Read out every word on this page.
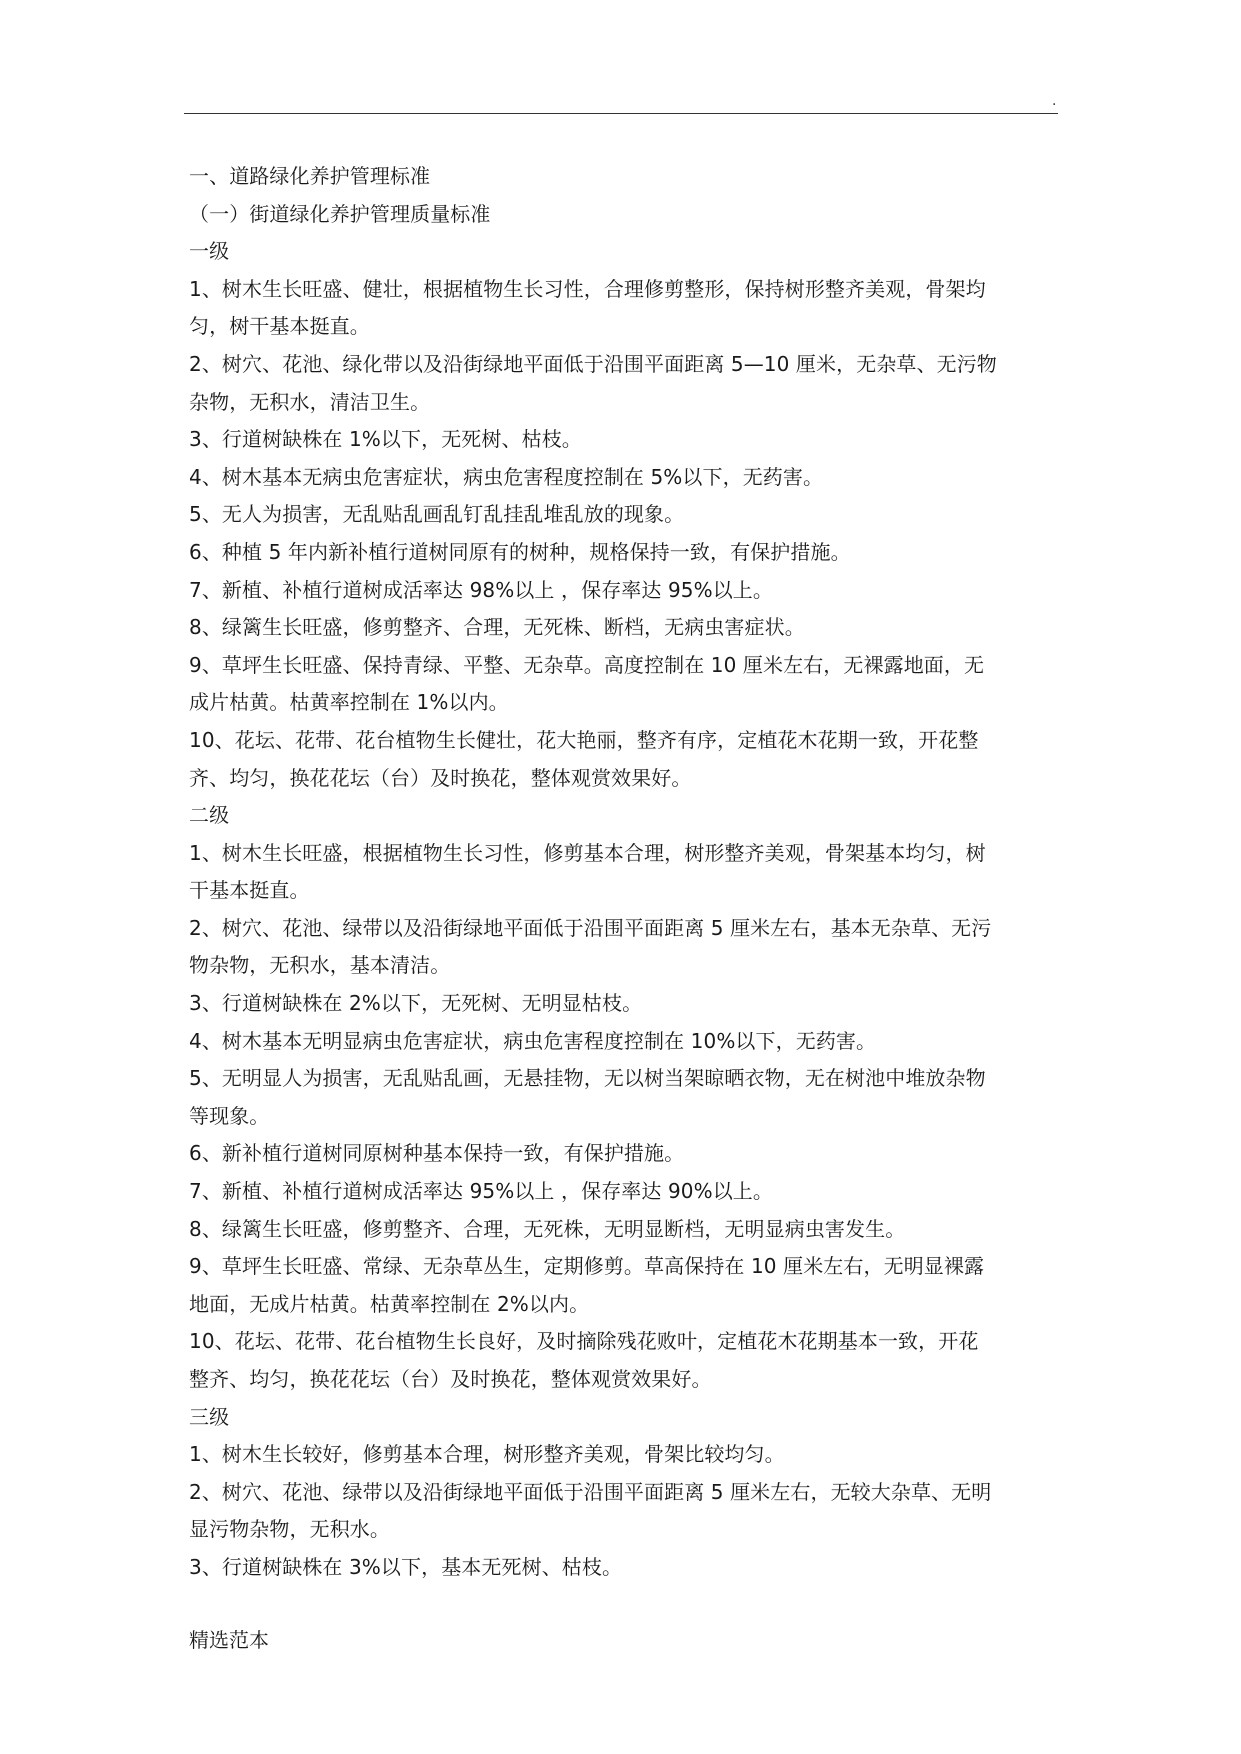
.
一、道路绿化养护管理标准
（一）街道绿化养护管理质量标准
一级
1、树木生长旺盛、健壮，根据植物生长习性，合理修剪整形，保持树形整齐美观，骨架均
匀，树干基本挺直。
2、树穴、花池、绿化带以及沿街绿地平面低于沿围平面距离 5—10 厘米，无杂草、无污物
杂物，无积水，清洁卫生。
3、行道树缺株在 1%以下，无死树、枯枝。
4、树木基本无病虫危害症状，病虫危害程度控制在 5%以下，无药害。
5、无人为损害，无乱贴乱画乱钉乱挂乱堆乱放的现象。
6、种植 5 年内新补植行道树同原有的树种，规格保持一致，有保护措施。
7、新植、补植行道树成活率达 98%以上 ，保存率达 95%以上。
8、绿篱生长旺盛，修剪整齐、合理，无死株、断档，无病虫害症状。
9、草坪生长旺盛、保持青绿、平整、无杂草。高度控制在 10 厘米左右，无裸露地面，无
成片枯黄。枯黄率控制在 1%以内。
10、花坛、花带、花台植物生长健壮，花大艳丽，整齐有序，定植花木花期一致，开花整
齐、均匀，换花花坛（台）及时换花，整体观赏效果好。
二级
1、树木生长旺盛，根据植物生长习性，修剪基本合理，树形整齐美观，骨架基本均匀，树
干基本挺直。
2、树穴、花池、绿带以及沿街绿地平面低于沿围平面距离 5 厘米左右，基本无杂草、无污
物杂物，无积水，基本清洁。
3、行道树缺株在 2%以下，无死树、无明显枯枝。
4、树木基本无明显病虫危害症状，病虫危害程度控制在 10%以下，无药害。
5、无明显人为损害，无乱贴乱画，无悬挂物，无以树当架晾晒衣物，无在树池中堆放杂物
等现象。
6、新补植行道树同原树种基本保持一致，有保护措施。
7、新植、补植行道树成活率达 95%以上 ，保存率达 90%以上。
8、绿篱生长旺盛，修剪整齐、合理，无死株，无明显断档，无明显病虫害发生。
9、草坪生长旺盛、常绿、无杂草丛生，定期修剪。草高保持在 10 厘米左右，无明显裸露
地面，无成片枯黄。枯黄率控制在 2%以内。
10、花坛、花带、花台植物生长良好，及时摘除残花败叶，定植花木花期基本一致，开花
整齐、均匀，换花花坛（台）及时换花，整体观赏效果好。
三级
1、树木生长较好，修剪基本合理，树形整齐美观，骨架比较均匀。
2、树穴、花池、绿带以及沿街绿地平面低于沿围平面距离 5 厘米左右，无较大杂草、无明
显污物杂物，无积水。
3、行道树缺株在 3%以下，基本无死树、枯枝。
精选范本
